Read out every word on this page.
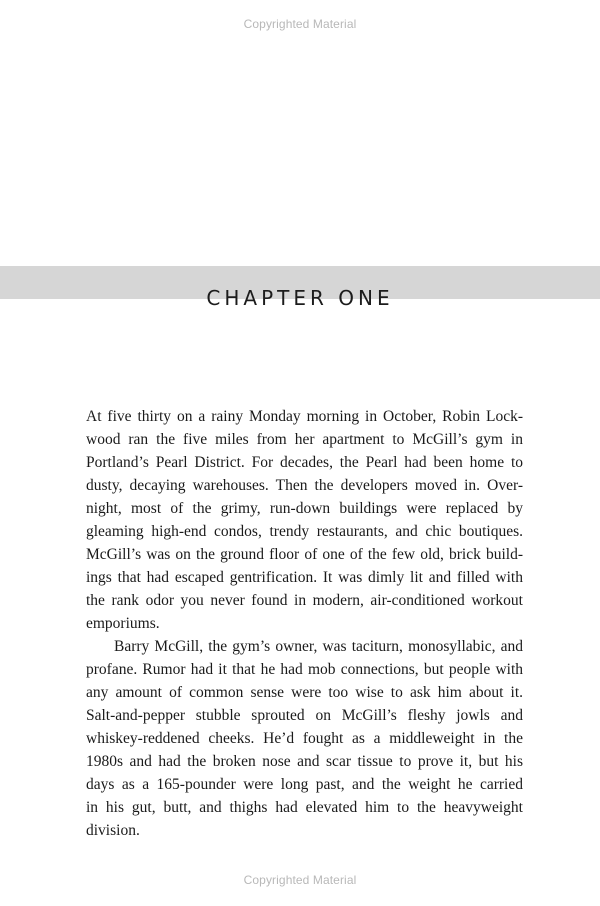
Copyrighted Material
CHAPTER ONE
At five thirty on a rainy Monday morning in October, Robin Lock-
wood ran the five miles from her apartment to McGill’s gym in
Portland’s Pearl District. For decades, the Pearl had been home to
dusty, decaying warehouses. Then the developers moved in. Over-
night, most of the grimy, run-down buildings were replaced by
gleaming high-end condos, trendy restaurants, and chic boutiques.
McGill’s was on the ground floor of one of the few old, brick build-
ings that had escaped gentrification. It was dimly lit and filled with
the rank odor you never found in modern, air-conditioned workout
emporiums.
Barry McGill, the gym’s owner, was taciturn, monosyllabic, and
profane. Rumor had it that he had mob connections, but people with
any amount of common sense were too wise to ask him about it.
Salt-and-pepper stubble sprouted on McGill’s fleshy jowls and
whiskey-reddened cheeks. He’d fought as a middleweight in the
1980s and had the broken nose and scar tissue to prove it, but his
days as a 165-pounder were long past, and the weight he carried
in his gut, butt, and thighs had elevated him to the heavyweight
division.
Copyrighted Material
